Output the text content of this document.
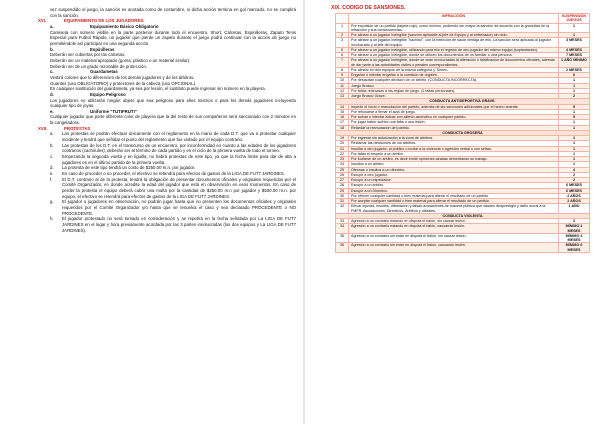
vez suspendido el juego, la sanción es anotada como de costumbre, si dicha acción termina en gol marcado, no se cumplirá con la sanción.
XVI.	EQUIPAMIENTO DE LOS JUGADORES.
a.	Equipamiento Básico Obligatorio
Camiseta con número visible en la parte posterior durante todo el encuentro. Short, Calcetas, Espinilleras, Zapato Tenis Especial para Futbol Rápido, un jugador que pierde un zapato durante el juego podrá continuar con la acción de juego no permitiéndole así participar en una segunda acción.
b.	Espinilleras
Deberán ser cubiertas por las calcetas.
Deberán ser un material apropiado (goma, plástico o un material similar).
Deberán ser de un grado razonable de protección.
c.	Guardametas
Vestirá colores que lo diferencien de los demás jugadores y de los árbitros.
Guantes (uso OBLIGATORIO) y protectores de la cabeza (uso OPCIONAL).
En cualquier sustitución del guardameta, ya sea por lesión, el sustituto puede ingresar sin número en la playera.
d.	Equipo Peligroso
Los jugadores no utilizarán ningún objeto que sea peligroso para ellos mismos o para los demás jugadores incluyendo cualquier tipo de joyas.
e.	Uniforme "TUTIFRUTI"
Cualquier jugador que porte diferente color de playera que la del resto de sus compañeros será sancionado con 2 minutos en la congeladora.
XVII.	PROTESTAS
a.	Las protestas se podrán efectuar únicamente con el reglamento en la mano de cada D.T. que va a protestar cualquier incidente y tendrá que señalar el punto del reglamento que fue violado por el equipo contrario.
b.	Las protestas de los D.T. en el transcurso de un encuentro, por inconformidad en cuanto a las edades de los jugadores contrarios (cachirules), deberán ser al término de cada partido y en el ciclo de la primera vuelta de todo el torneo.
c.	Empezando la segunda vuelta y en liguilla, no habrá protestas de este tipo, ya que la fecha límite para dar de alta a jugadores es en el último partido de la primera vuelta.
d.	La protesta de este tipo tendrá un costo de $250.00 m.n. por jugador.
e.	En caso de proceder o no proceder, el efectivo se retendrá para efectos de gastos de la LIGA DE FUT7 JARDINES.
f.	El D.T. contrario al de la protesta, tendrá la obligación de presentar documentos oficiales y originales requeridos por el Comité Organizador, en donde acredite la edad del jugador que está en observación en esos momentos. En caso de perder la protesta el equipo deberá cubrir una multa por la cantidad de $250.00 m.n por jugador y $500.00 m.n. por equipo, el efectivo se retendrá para efectos de gastos de la LIGA DE FUT7 JARDINES.
g.	El jugador o jugadores en observación, no podrán jugar hasta que no presenten los documentos oficiales y originales requeridos por el Comité Organizador y/o hasta que se resuelva el caso y sea declarado PROCEDENTE o NO PROCEDENTE.
h.	El jugador protestado no será tomado en consideración y se repetirá en la fecha señalada por La LIGA DE FUT7 JARDINES en el lugar y hora previamente acordada por las 3 partes involucradas (los dos equipos y La LIGA DE FUT7 JARDINES).
XIX. CODIGO DE SANSIONES.
	INFRACCIÓN	SUSPENSIÓN JUEGOS
1	Por expulsión de un partido (tarjeta roja), como mínimo, pudiendo ser mayor la sanción de acuerdo con la gravedad de la infracción y sus consecuencias.	1
2	Por alinear a un jugador inelegible (sanción aplicable al jefe de Equipo y al entrenador) sin dolo.	1
3	Por alinear a un jugador inelegible "cachirul", con la intención de sacar ventaja de ello. La sanción será aplicada al jugador involucrado y al jefe del equipo.	3 MESES
5	Por alinear a un jugador inelegible, utilizando para ello el registro de otro jugador del mismo equipo (suplantación).	4 MESES
6	Por alinear a un jugador inelegible, donde se utilicen los documentos de un familiar u otra persona.	7 MESES
7	Por alinear a un jugador inelegible, donde se vean involucradas la alteración o falsificación de documentos oficiales, además de dar parte a las autoridades civiles o penales correspondientes.	1 AÑO MÍNIMO
8	Por alinear en dos equipos de la misma categoría y Torneo.	2 MESES
9	Engañar o intentar engañar a la comisión de registro.	6
10	Por desacatar cualquier decisión de un árbitro. (CONDUCTA INCORRECTA).	1
11	Juego Brusco.	1
12	Por faltas reiteradas a las reglas de juego. (5 faltas personales).	1
13	Juego Brusco Grave.	2
CONDUCTA ANTIDEPORTIVA GRAVE.		
14	Impedir el inicio o reanudación del partido, además de las sanciones adicionales que el hecho amerite.	5
15	Por rehusarse a firmar el acta de juego.	1
16	Por actuar o intentar actuar con aliento alcohólico en cualquier partido.	5
17	Por jugar haber sufrido una falta o una lesión.	1
18	Retardar la reanudación del partido.	1
CONDUCTA GROSERA		
19	Por ingresar sin autorización a la zona de árbitros.	1
20	Reclamar las decisiones de los árbitros.	1
21	Insultar a otro jugador, al público o incitar a la violencia o agresión verbal o con señas.	1
22	Por faltar el respeto a un árbitro.	1
23	Por burlarse de un árbitro, es decir emitir opiniones airadas demeritando su trabajo.	1
24	Insultos a un árbitro.	1
25	Ofensas o insultos a un directivo.	4
26	Escupir a otro jugador.	2
27	Escupir a un espectador.	2
28	Escupir a un árbitro.	6 MESES
29	Escupir a un Directivo.	6 MESES
30	Por ofrecer cualquier cantidad o bien material para alterar el resultado de un partido.	2 AÑOS
31	Por aceptar cualquier cantidad o bien material para alterar el resultado de un partido.	2 AÑOS
32	Elevar injurias, insultos, difamación y falsas acusaciones de manera pública que causen desprestigio y daño moral a la FMFR, Asociaciones, Directivos, Árbitros y oficiales.	1 AÑO
CONDUCTA VIOLENTA		
33	Agresión a un contrario estando en disputa el balón, sin causar lesión.	3
34	Agresión a un contrario estando en disputa el balón, causando lesión.	MÍNIMO 2 MESES
35	Agresión a un contrario sin estar en disputa el balón, sin causar lesión.	MÍNIMO 4 MESES
36	Agresión a un contrario sin estar en disputa el balón, causando lesión.	MÍNIMO 6 MESES
